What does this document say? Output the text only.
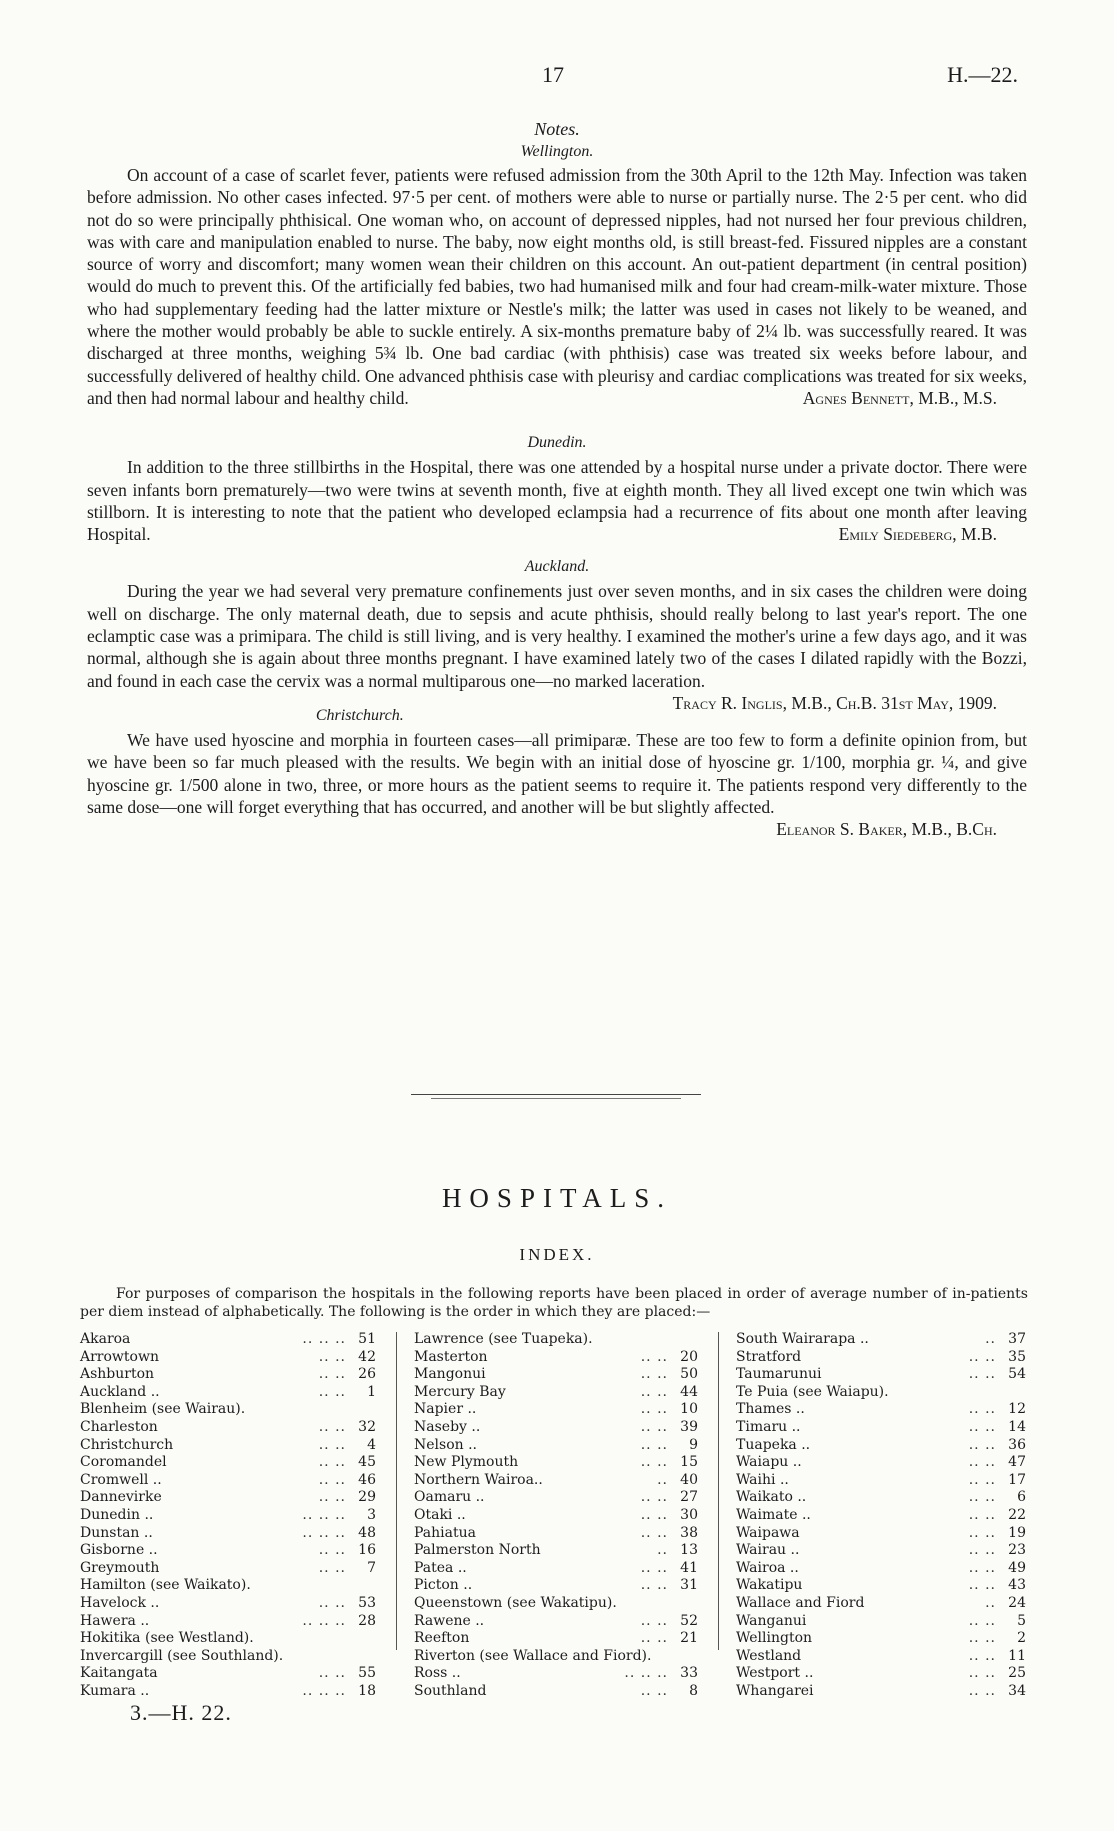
17	H.—22.
Notes.
Wellington.

On account of a case of scarlet fever, patients were refused admission from the 30th April to the 12th May. Infection was taken before admission. No other cases infected. 97·5 per cent. of mothers were able to nurse or partially nurse. The 2·5 per cent. who did not do so were principally phthisical. One woman who, on account of depressed nipples, had not nursed her four previous children, was with care and manipulation enabled to nurse. The baby, now eight months old, is still breast-fed. Fissured nipples are a constant source of worry and discomfort; many women wean their children on this account. An out-patient department (in central position) would do much to prevent this. Of the artificially fed babies, two had humanised milk and four had cream-milk-water mixture. Those who had supplementary feeding had the latter mixture or Nestle's milk; the latter was used in cases not likely to be weaned, and where the mother would probably be able to suckle entirely. A six-months premature baby of 2¼ lb. was successfully reared. It was discharged at three months, weighing 5¾ lb. One bad cardiac (with phthisis) case was treated six weeks before labour, and successfully delivered of healthy child. One advanced phthisis case with pleurisy and cardiac complications was treated for six weeks, and then had normal labour and healthy child.	Agnes Bennett, M.B., M.S.

Dunedin.

In addition to the three stillbirths in the Hospital, there was one attended by a hospital nurse under a private doctor. There were seven infants born prematurely—two were twins at seventh month, five at eighth month. They all lived except one twin which was stillborn. It is interesting to note that the patient who developed eclampsia had a recurrence of fits about one month after leaving Hospital.	Emily Siedeberg, M.B.

Auckland.

During the year we had several very premature confinements just over seven months, and in six cases the children were doing well on discharge. The only maternal death, due to sepsis and acute phthisis, should really belong to last year's report. The one eclamptic case was a primipara. The child is still living, and is very healthy. I examined the mother's urine a few days ago, and it was normal, although she is again about three months pregnant. I have examined lately two of the cases I dilated rapidly with the Bozzi, and found in each case the cervix was a normal multiparous one—no marked laceration.
Tracy R. Inglis, M.B., Ch.B. 31st May, 1909.

Christchurch.

We have used hyoscine and morphia in fourteen cases—all primiparæ. These are too few to form a definite opinion from, but we have been so far much pleased with the results. We begin with an initial dose of hyoscine gr. 1/100, morphia gr. ¼, and give hyoscine gr. 1/500 alone in two, three, or more hours as the patient seems to require it. The patients respond very differently to the same dose—one will forget everything that has occurred, and another will be but slightly affected.

Eleanor S. Baker, M.B., B.Ch.
HOSPITALS.
INDEX.

For purposes of comparison the hospitals in the following reports have been placed in order of average number of in-patients per diem instead of alphabetically. The following is the order in which they are placed:—

Akaroa	.. .. .. 51
Arrowtown	.. .. 42
Ashburton	.. .. 26
Auckland ..	.. .. 1
Blenheim (see Wairau).
Charleston	.. .. 32
Christchurch	.. .. 4
Coromandel	.. .. 45
Cromwell ..	.. .. 46
Dannevirke	.. .. 29
Dunedin ..	.. .. .. 3
Dunstan ..	.. .. .. 48
Gisborne ..	.. .. 16
Greymouth	.. .. 7
Hamilton (see Waikato).
Havelock ..	.. .. 53
Hawera ..	.. .. .. 28
Hokitika (see Westland).
Invercargill (see Southland).
Kaitangata	.. .. 55
Kumara ..	.. .. .. 18
Lawrence (see Tuapeka).
Masterton	.. .. 20
Mangonui	.. .. 50
Mercury Bay	.. .. 44
Napier ..	.. .. 10
Naseby ..	.. .. 39
Nelson ..	.. .. 9
New Plymouth	.. .. 15
Northern Wairoa..	.. 40
Oamaru ..	.. .. 27
Otaki ..	.. .. 30
Pahiatua	.. .. 38
Palmerston North	.. 13
Patea ..	.. .. 41
Picton ..	.. .. 31
Queenstown (see Wakatipu).
Rawene ..	.. .. 52
Reefton	.. .. 21
Riverton (see Wallace and Fiord).
Ross ..	.. .. .. 33
Southland	.. .. 8
South Wairarapa ..	.. 37
Stratford	.. .. 35
Taumarunui	.. .. 54
Te Puia (see Waiapu).
Thames ..	.. .. 12
Timaru ..	.. .. 14
Tuapeka ..	.. .. 36
Waiapu ..	.. .. 47
Waihi ..	.. .. 17
Waikato ..	.. .. 6
Waimate ..	.. .. 22
Waipawa	.. .. 19
Wairau ..	.. .. 23
Wairoa ..	.. .. 49
Wakatipu	.. .. 43
Wallace and Fiord	.. 24
Wanganui	.. .. 5
Wellington	.. .. 2
Westland	.. .. 11
Westport ..	.. .. 25
Whangarei	.. .. 34
3.—H. 22.
